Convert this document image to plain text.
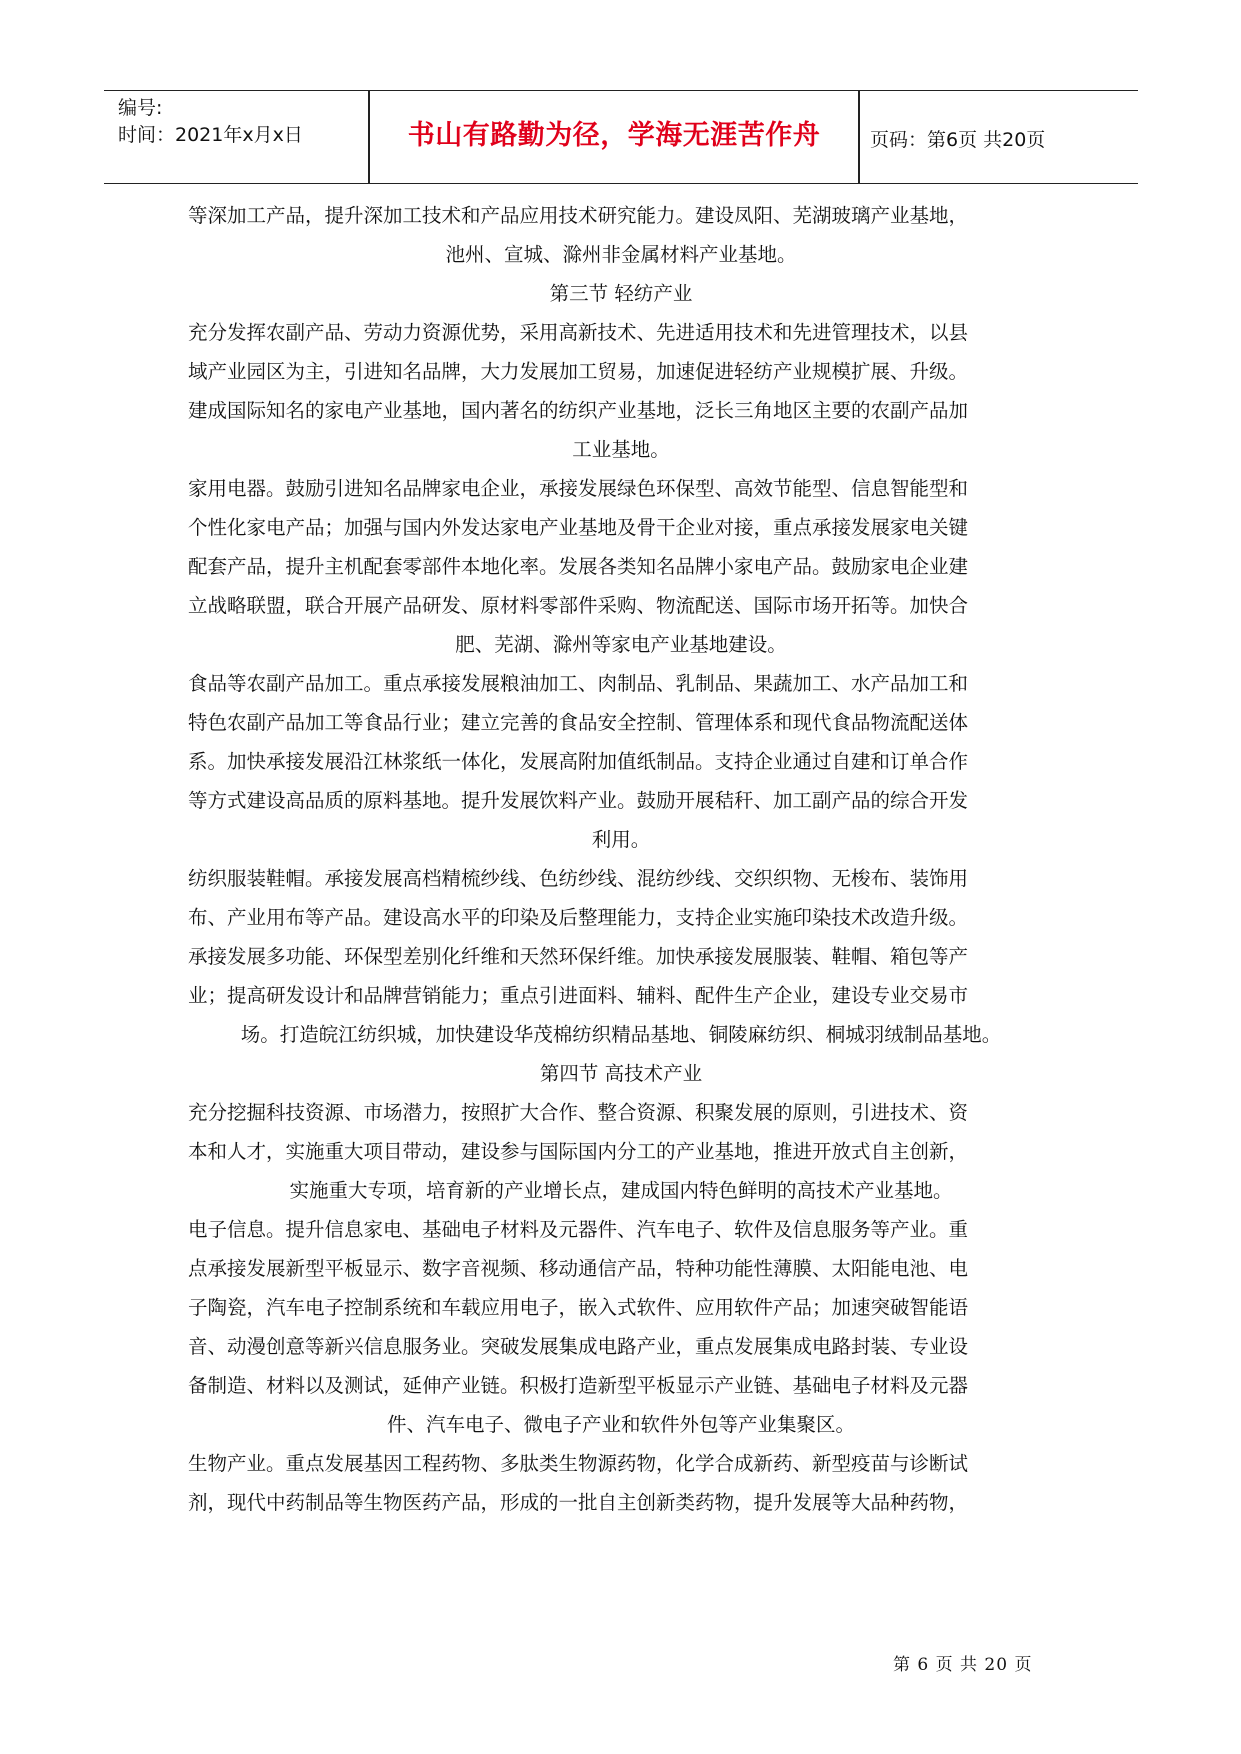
编号:
时间：2021年x月x日	书山有路勤为径，学海无涯苦作舟	页码：第6页 共20页

等深加工产品，提升深加工技术和产品应用技术研究能力。建设凤阳、芜湖玻璃产业基地，

池州、宣城、滁州非金属材料产业基地。

第三节 轻纺产业

充分发挥农副产品、劳动力资源优势，采用高新技术、先进适用技术和先进管理技术，以县

域产业园区为主，引进知名品牌，大力发展加工贸易，加速促进轻纺产业规模扩展、升级。

建成国际知名的家电产业基地，国内著名的纺织产业基地，泛长三角地区主要的农副产品加

工业基地。

家用电器。鼓励引进知名品牌家电企业，承接发展绿色环保型、高效节能型、信息智能型和

个性化家电产品；加强与国内外发达家电产业基地及骨干企业对接，重点承接发展家电关键

配套产品，提升主机配套零部件本地化率。发展各类知名品牌小家电产品。鼓励家电企业建

立战略联盟，联合开展产品研发、原材料零部件采购、物流配送、国际市场开拓等。加快合

肥、芜湖、滁州等家电产业基地建设。

食品等农副产品加工。重点承接发展粮油加工、肉制品、乳制品、果蔬加工、水产品加工和

特色农副产品加工等食品行业；建立完善的食品安全控制、管理体系和现代食品物流配送体

系。加快承接发展沿江林浆纸一体化，发展高附加值纸制品。支持企业通过自建和订单合作

等方式建设高品质的原料基地。提升发展饮料产业。鼓励开展秸秆、加工副产品的综合开发

利用。

纺织服装鞋帽。承接发展高档精梳纱线、色纺纱线、混纺纱线、交织织物、无梭布、装饰用

布、产业用布等产品。建设高水平的印染及后整理能力，支持企业实施印染技术改造升级。

承接发展多功能、环保型差别化纤维和天然环保纤维。加快承接发展服装、鞋帽、箱包等产

业；提高研发设计和品牌营销能力；重点引进面料、辅料、配件生产企业，建设专业交易市

场。打造皖江纺织城，加快建设华茂棉纺织精品基地、铜陵麻纺织、桐城羽绒制品基地。

第四节 高技术产业

充分挖掘科技资源、市场潜力，按照扩大合作、整合资源、积聚发展的原则，引进技术、资

本和人才，实施重大项目带动，建设参与国际国内分工的产业基地，推进开放式自主创新，

实施重大专项，培育新的产业增长点，建成国内特色鲜明的高技术产业基地。

电子信息。提升信息家电、基础电子材料及元器件、汽车电子、软件及信息服务等产业。重

点承接发展新型平板显示、数字音视频、移动通信产品，特种功能性薄膜、太阳能电池、电

子陶瓷，汽车电子控制系统和车载应用电子，嵌入式软件、应用软件产品；加速突破智能语

音、动漫创意等新兴信息服务业。突破发展集成电路产业，重点发展集成电路封装、专业设

备制造、材料以及测试，延伸产业链。积极打造新型平板显示产业链、基础电子材料及元器

件、汽车电子、微电子产业和软件外包等产业集聚区。

生物产业。重点发展基因工程药物、多肽类生物源药物，化学合成新药、新型疫苗与诊断试

剂，现代中药制品等生物医药产品，形成的一批自主创新类药物，提升发展等大品种药物，

第 6 页 共 20 页
